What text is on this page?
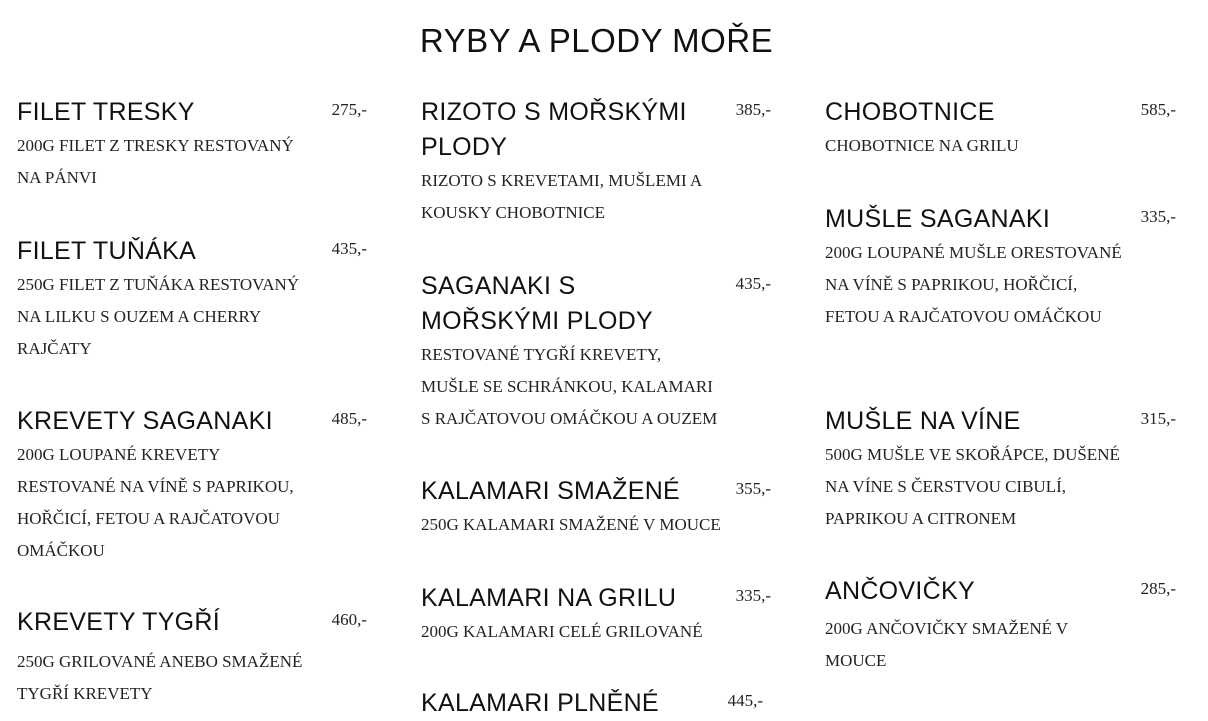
RYBY A PLODY MOŘE
FILET TRESKY	275,-
200G FILET Z TRESKY RESTOVANÝ NA PÁNVI
FILET TUŇÁKA	435,-
250G FILET Z TUŇÁKA RESTOVANÝ NA LILKU S OUZEM A CHERRY RAJČATY
KREVETY SAGANAKI	485,-
200G LOUPANÉ KREVETY RESTOVANÉ NA VÍNĚ S PAPRIKOU, HOŘČICÍ, FETOU A RAJČATOVOU OMÁČKOU
KREVETY TYGŘÍ	460,-
250G GRILOVANÉ ANEBO SMAŽENÉ TYGŘÍ KREVETY
RIZOTO S MOŘSKÝMI PLODY
385,-
RIZOTO S KREVETAMI, MUŠLEMI A KOUSKY CHOBOTNICE
SAGANAKI S MOŘSKÝMI PLODY
435,-
RESTOVANÉ TYGŘÍ KREVETY, MUŠLE SE SCHRÁNKOU, KALAMARI S RAJČATOVOU OMÁČKOU A OUZEM
KALAMARI SMAŽENÉ	355,-
250G KALAMARI SMAŽENÉ V MOUCE
KALAMARI NA GRILU	335,-
200G KALAMARI CELÉ GRILOVANÉ
KALAMARI PLNĚNÉ	445,-
CHOBOTNICE	585,-
CHOBOTNICE NA GRILU
MUŠLE SAGANAKI	335,-
200G LOUPANÉ MUŠLE ORESTOVANÉ NA VÍNĚ S PAPRIKOU, HOŘČICÍ, FETOU A RAJČATOVOU OMÁČKOU
MUŠLE NA VÍNE	315,-
500G MUŠLE VE SKOŘÁPCE, DUŠENÉ NA VÍNE S ČERSTVOU CIBULÍ, PAPRIKOU A CITRONEM
ANČOVIČKY	285,-
200G ANČOVIČKY SMAŽENÉ V MOUCE
